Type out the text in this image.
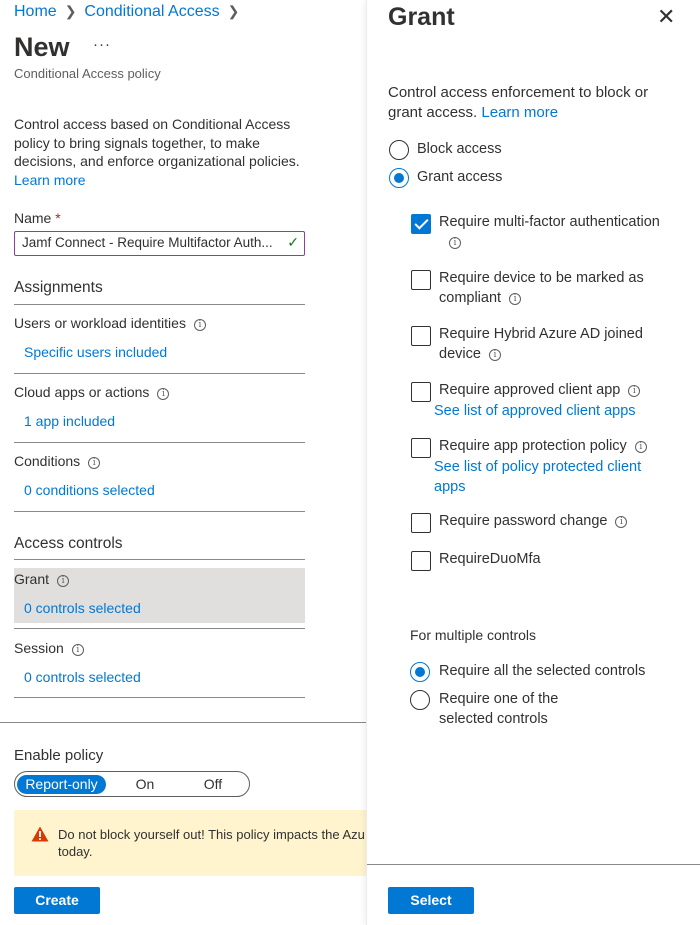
Home ❯ Conditional Access ❯
New ···
Conditional Access policy
Control access based on Conditional Access policy to bring signals together, to make decisions, and enforce organizational policies. Learn more
Name *
Jamf Connect - Require Multifactor Auth... ✓
Assignments
Users or workload identities i
Specific users included
Cloud apps or actions i
1 app included
Conditions i
0 conditions selected
Access controls
Grant i
0 controls selected
Session i
0 controls selected
Enable policy
Report-only	On	Off
Do not block yourself out! This policy impacts the Azu today.
Create
Grant	✕
Control access enforcement to block or grant access. Learn more
Block access
Grant access
Require multi-factor authentication
i
Require device to be marked as compliant i
Require Hybrid Azure AD joined device i
Require approved client app i
See list of approved client apps
Require app protection policy i
See list of policy protected client apps
Require password change i
RequireDuoMfa
For multiple controls
Require all the selected controls
Require one of the selected controls
Select
